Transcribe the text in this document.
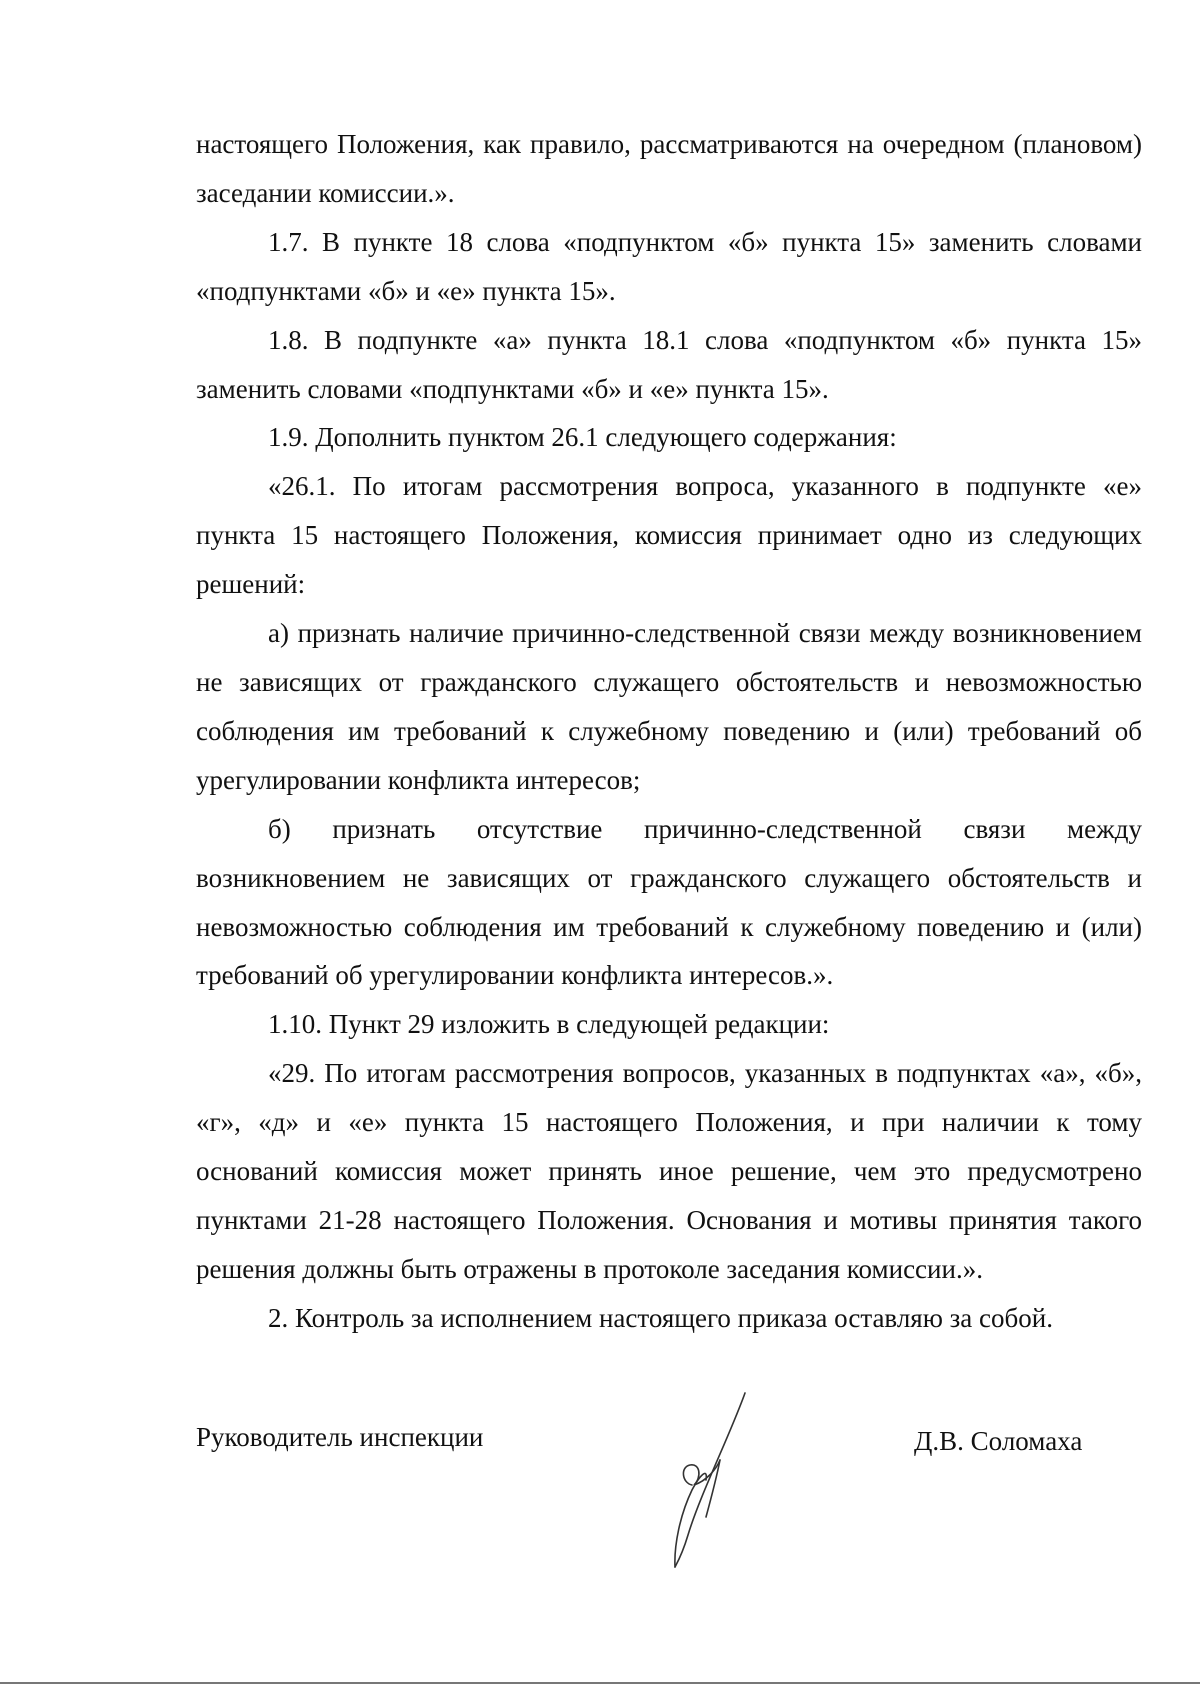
настоящего Положения, как правило, рассматриваются на очередном (плановом) заседании комиссии.».

1.7. В пункте 18 слова «подпунктом «б» пункта 15» заменить словами «подпунктами «б» и «е» пункта 15».

1.8. В подпункте «а» пункта 18.1 слова «подпунктом «б» пункта 15» заменить словами «подпунктами «б» и «е» пункта 15».

1.9. Дополнить пунктом 26.1 следующего содержания:

«26.1. По итогам рассмотрения вопроса, указанного в подпункте «е» пункта 15 настоящего Положения, комиссия принимает одно из следующих решений:

а) признать наличие причинно-следственной связи между возникновением не зависящих от гражданского служащего обстоятельств и невозможностью соблюдения им требований к служебному поведению и (или) требований об урегулировании конфликта интересов;

б) признать отсутствие причинно-следственной связи между возникновением не зависящих от гражданского служащего обстоятельств и невозможностью соблюдения им требований к служебному поведению и (или) требований об урегулировании конфликта интересов.».

1.10. Пункт 29 изложить в следующей редакции:

«29. По итогам рассмотрения вопросов, указанных в подпунктах «а», «б», «г», «д» и «е» пункта 15 настоящего Положения, и при наличии к тому оснований комиссия может принять иное решение, чем это предусмотрено пунктами 21-28 настоящего Положения. Основания и мотивы принятия такого решения должны быть отражены в протоколе заседания комиссии.».

2. Контроль за исполнением настоящего приказа оставляю за собой.

Руководитель инспекции	Д.В. Соломаха
